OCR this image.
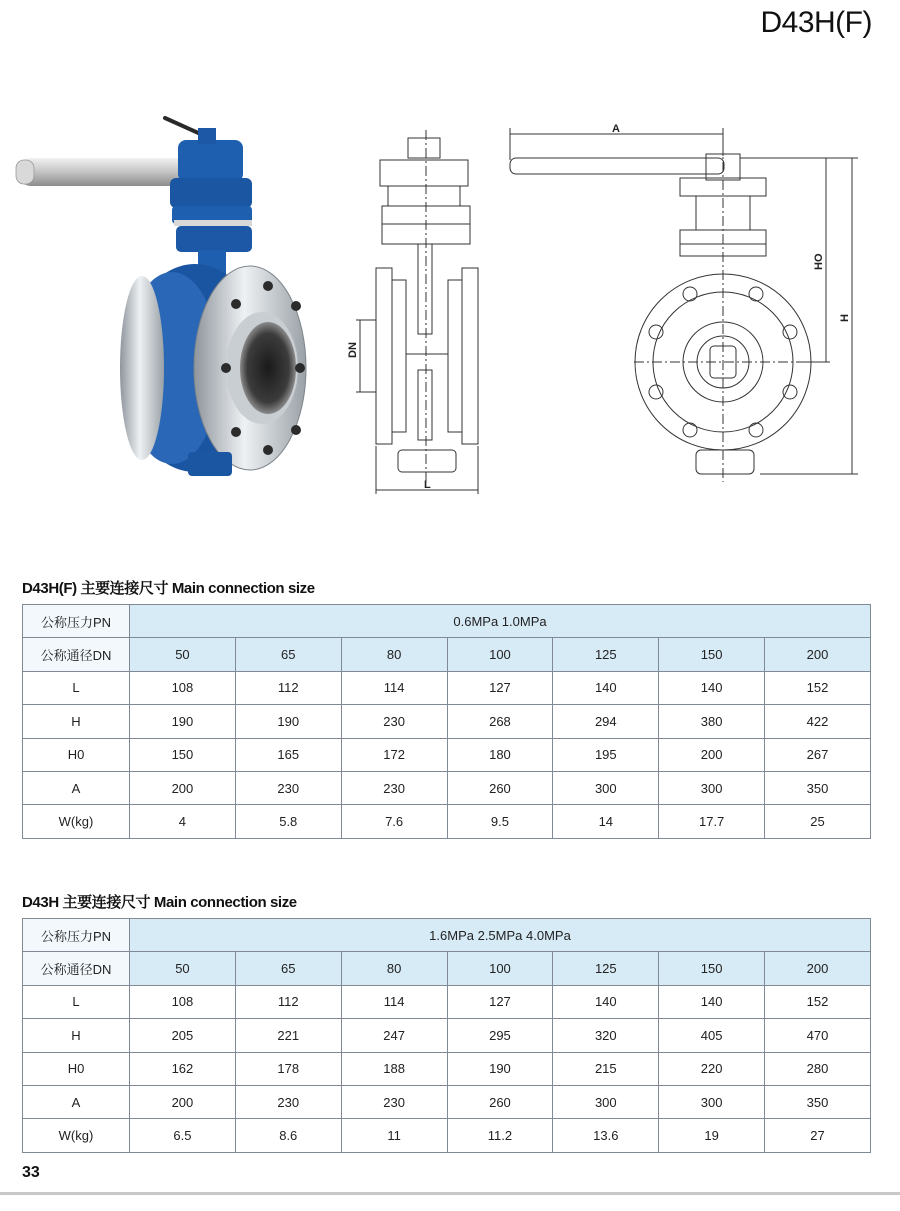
D43H(F)
DN
L
A
HO
H
D43H(F) 主要连接尺寸 Main connection size
公称压力PN	0.6MPa 1.0MPa						
公称通径DN	50	65	80	100	125	150	200
L	108	112	114	127	140	140	152
H	190	190	230	268	294	380	422
H0	150	165	172	180	195	200	267
A	200	230	230	260	300	300	350
W(kg)	4	5.8	7.6	9.5	14	17.7	25
D43H 主要连接尺寸 Main connection size
公称压力PN	1.6MPa 2.5MPa 4.0MPa						
公称通径DN	50	65	80	100	125	150	200
L	108	112	114	127	140	140	152
H	205	221	247	295	320	405	470
H0	162	178	188	190	215	220	280
A	200	230	230	260	300	300	350
W(kg)	6.5	8.6	11	11.2	13.6	19	27
33
